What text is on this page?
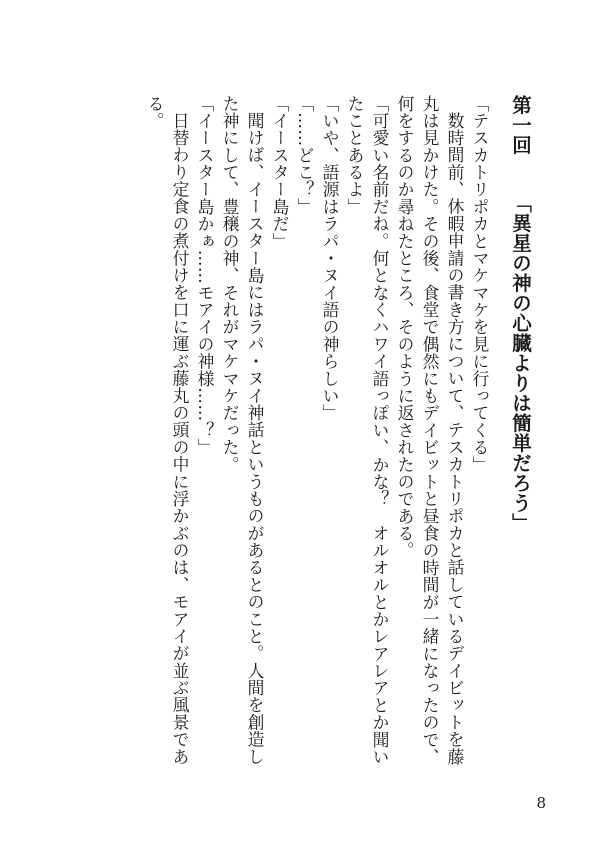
第一回「異星の神の心臓よりは簡単だろう」

「テスカトリポカとマケマケを見に行ってくる」

数時間前、休暇申請の書き方について、テスカトリポカと話しているデイビットを藤丸は見かけた。その後、食堂で偶然にもデイビットと昼食の時間が一緒になったので、何をするのか尋ねたところ、そのように返されたのである。

「可愛い名前だね。何となくハワイ語っぽい、かな？　オルオルとかレアレアとか聞いたことあるよ」

「いや、語源はラパ・ヌイ語の神らしい」

「……どこ？」

「イースター島だ」

聞けば、イースター島にはラパ・ヌイ神話というものがあるとのこと。人間を創造した神にして、豊穣の神、それがマケマケだった。

「イースター島かぁ……モアイの神様……？」

日替わり定食の煮付けを口に運ぶ藤丸の頭の中に浮かぶのは、モアイが並ぶ風景である。

8
